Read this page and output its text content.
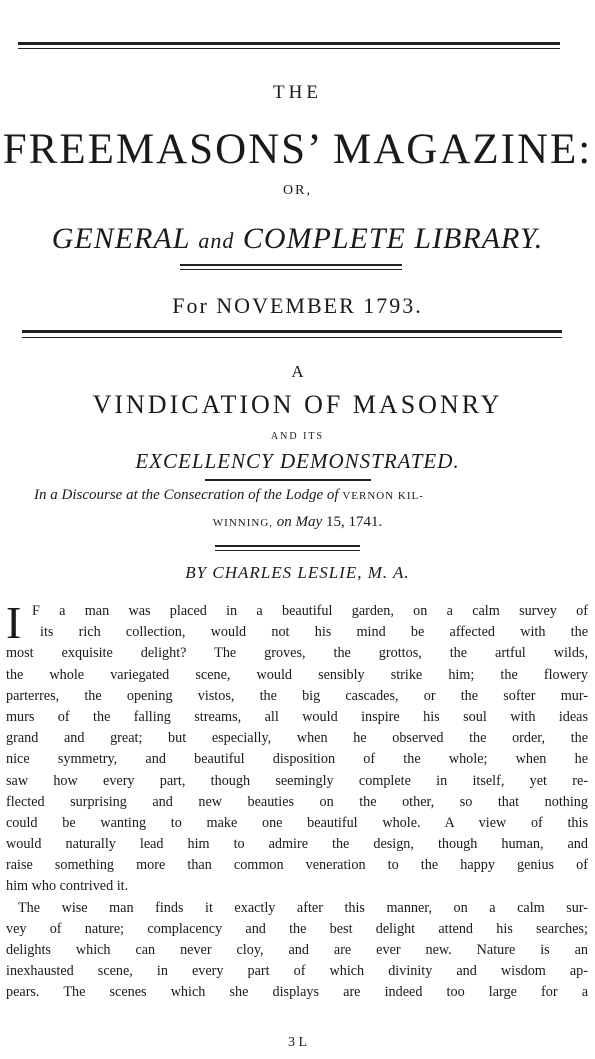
THE
FREEMASONS’ MAGAZINE:
OR,
GENERAL and COMPLETE LIBRARY.
For NOVEMBER 1793.
A
VINDICATION OF MASONRY
AND ITS
EXCELLENCY DEMONSTRATED.
In a Discourse at the Consecration of the Lodge of VERNON KIL-
WINNING, on May 15, 1741.
BY CHARLES LESLIE, M. A.
I F a man was placed in a beautiful garden, on a calm survey of
its rich collection, would not his mind be affected with the
most exquisite delight? The groves, the grottos, the artful wilds,
the whole variegated scene, would sensibly strike him; the flowery
parterres, the opening vistos, the big cascades, or the softer mur-
murs of the falling streams, all would inspire his soul with ideas
grand and great; but especially, when he observed the order, the
nice symmetry, and beautiful disposition of the whole; when he
saw how every part, though seemingly complete in itself, yet re-
flected surprising and new beauties on the other, so that nothing
could be wanting to make one beautiful whole. A view of this
would naturally lead him to admire the design, though human, and
raise something more than common veneration to the happy genius of
him who contrived it.
The wise man finds it exactly after this manner, on a calm sur-
vey of nature; complacency and the best delight attend his searches;
delights which can never cloy, and are ever new. Nature is an
inexhausted scene, in every part of which divinity and wisdom ap-
pears. The scenes which she displays are indeed too large for a
3 L
